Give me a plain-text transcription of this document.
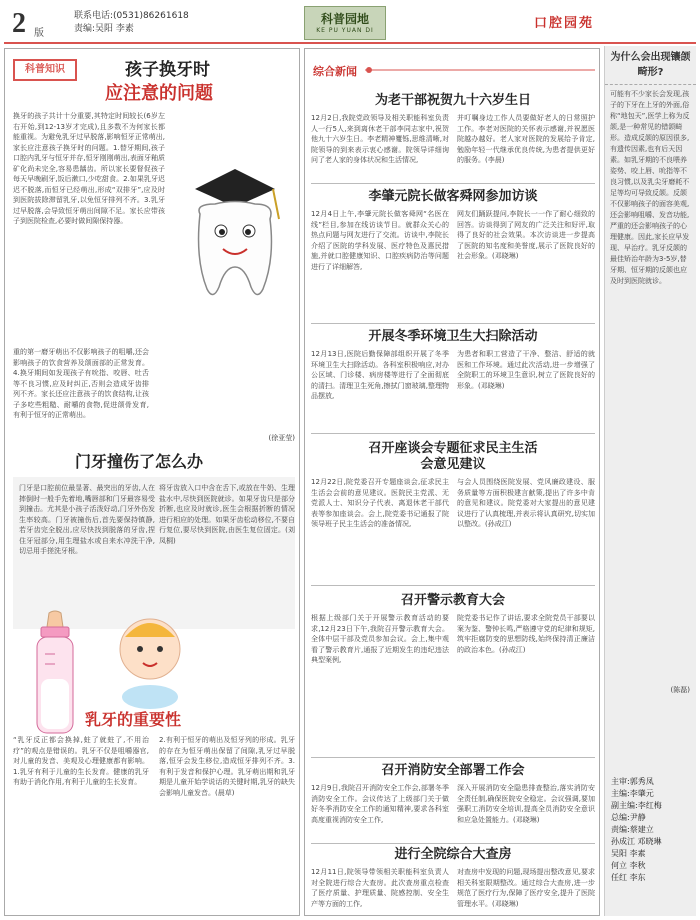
2 版
联系电话:(0531)86261618
责编:吴阳 李素
科普园地
KE PU YUAN DI
口腔园苑
科普知识	孩子换牙时
应注意的问题
换牙的孩子共计十分重要,其特定时间较长(6岁左右开始,到12-13岁才完成),且多数不为何家长都能重视。为避免乳牙过早脱落,影响恒牙正常萌出,家长应注意孩子换牙时的问题。1.替牙期间,孩子口腔内乳牙与恒牙并存,恒牙刚刚萌出,表面牙釉质矿化尚未完全,容易患龋齿。所以家长要督促孩子每天早晚刷牙,饭后漱口,少吃甜食。2.如果乳牙迟迟不脱落,而恒牙已经萌出,形成“双排牙”,应及时到医院拔除滞留乳牙,以免恒牙排列不齐。3.乳牙过早脱落,会导致恒牙萌出间隙不足。家长应带孩子到医院检查,必要时做间隙保持器。
重的第一磨牙萌出不仅影响孩子的咀嚼,还会影响孩子的饮食营养及颌面部的正常发育。4.换牙期间如发现孩子有吮指、咬唇、吐舌等不良习惯,应及时纠正,否则会造成牙齿排列不齐。家长还应注意孩子的饮食结构,让孩子多吃些粗糙、耐嚼的食物,促进颌骨发育,有利于恒牙的正常萌出。
(徐亚莹)
门牙撞伤了怎么办
门牙是口腔前位最显著、最突出的牙齿,人在摔倒时一般手先着地,嘴唇部和门牙最容易受到撞击。尤其是小孩子活泼好动,门牙外伤发生率较高。门牙被撞伤后,首先要保持镇静,若牙齿完全脱出,应尽快找到脱落的牙齿,捏住牙冠部分,用生理盐水或自来水冲洗干净,切忌用手搓洗牙根。
将牙齿放入口中含在舌下,或放在牛奶、生理盐水中,尽快到医院就诊。如果牙齿只是部分折断,也应及时就诊,医生会根据折断的情况进行相应的处理。如果牙齿松动移位,不要自行复位,要尽快到医院,由医生复位固定。(刘凤桐)
乳牙的重要性
“乳牙反正都会换掉,蛀了就蛀了,不用治疗”的观点是错误的。乳牙不仅是咀嚼器官,对儿童的发音、美观及心理健康都有影响。1.乳牙有利于儿童的生长发育。健康的乳牙有助于消化作用,有利于儿童的生长发育。
2.有利于恒牙的萌出及恒牙列的形成。乳牙的存在为恒牙萌出保留了间隙,乳牙过早脱落,恒牙会发生移位,造成恒牙排列不齐。3.有利于发音和保护心理。乳牙萌出期和乳牙期是儿童开始学说话的关键时期,乳牙的缺失会影响儿童发音。(晨草)
综合新闻
为老干部祝贺九十六岁生日
12月2日,我院党政领导及相关职能科室负责人一行5人,来到离休老干部李同志家中,祝贺他九十六岁生日。李老精神矍铄,思维清晰,对院领导的到来表示衷心感谢。院领导详细询问了老人家的身体状况和生活情况,
并叮嘱身边工作人员要做好老人的日常照护工作。李老对医院的关怀表示感谢,并祝愿医院越办越好。老人家对医院的发展给予肯定,勉励年轻一代继承优良传统,为患者提供更好的服务。(李晨)
李肇元院长做客舜网参加访谈
12月4日上午,李肇元院长做客舜网“名医在线”栏目,参加在线访谈节目。就群众关心的热点问题与网友进行了交流。访谈中,李院长介绍了医院的学科发展、医疗特色及惠民措施,并就口腔健康知识、口腔疾病防治等问题进行了详细解答,
网友们踊跃提问,李院长一一作了耐心细致的回答。访谈得到了网友的广泛关注和好评,取得了良好的社会效果。本次访谈进一步提高了医院的知名度和美誉度,展示了医院良好的社会形象。(邓晓琳)
开展冬季环境卫生大扫除活动
12月13日,医院后勤保障部组织开展了冬季环境卫生大扫除活动。各科室积极响应,对办公区域、门诊楼、病房楼等进行了全面彻底的清扫。清理卫生死角,擦拭门窗玻璃,整理物品摆放,
为患者和职工营造了干净、整洁、舒适的就医和工作环境。通过此次活动,进一步增强了全院职工的环境卫生意识,树立了医院良好的形象。(邓晓琳)
召开座谈会专题征求民主生活会意见建议
12月22日,院党委召开专题座谈会,征求民主生活会会前的意见建议。医院民主党派、无党派人士、知识分子代表、离退休老干部代表等参加座谈会。会上,院党委书记通报了院领导班子民主生活会的准备情况,
与会人员围绕医院发展、党风廉政建设、服务质量等方面积极建言献策,提出了许多中肯的意见和建议。院党委对大家提出的意见建议进行了认真梳理,并表示将认真研究,切实加以整改。(孙成江)
召开警示教育大会
根据上级部门关于开展警示教育活动的要求,12月23日下午,我院召开警示教育大会。全体中层干部及党员参加会议。会上,集中观看了警示教育片,通报了近期发生的违纪违法典型案例,
院党委书记作了讲话,要求全院党员干部要以案为鉴、警钟长鸣,严格遵守党的纪律和规矩,筑牢拒腐防变的思想防线,始终保持清正廉洁的政治本色。(孙成江)
召开消防安全部署工作会
12月9日,我院召开消防安全工作会,部署冬季消防安全工作。会议传达了上级部门关于做好冬季消防安全工作的通知精神,要求各科室高度重视消防安全工作,
深入开展消防安全隐患排查整治,落实消防安全责任制,确保医院安全稳定。会议强调,要加强职工消防安全培训,提高全员消防安全意识和应急处置能力。(邓晓琳)
进行全院综合大查房
12月11日,院领导带领相关职能科室负责人对全院进行综合大查房。此次查房重点检查了医疗质量、护理质量、院感控制、安全生产等方面的工作,
对查房中发现的问题,现场提出整改意见,要求相关科室限期整改。通过综合大查房,进一步规范了医疗行为,保障了医疗安全,提升了医院管理水平。(邓晓琳)
为什么会出现镶颌畸形?
可能有不少家长会发现,孩子的下牙在上牙的外面,俗称“地包天”,医学上称为反颌,是一种常见的错颌畸形。造成反颌的原因很多,有遗传因素,也有后天因素。如乳牙期的不良喂养姿势、咬上唇、吮指等不良习惯,以及乳尖牙磨耗不足等均可导致反颌。反颌不仅影响孩子的面容美观,还会影响咀嚼、发音功能,严重的还会影响孩子的心理健康。因此,家长应早发现、早治疗。乳牙反颌的最佳矫治年龄为3-5岁,替牙期、恒牙期的反颌也应及时到医院就诊。
(陈磊)
主审:郭秀凤
主编:李肇元
副主编:李红梅
总编:尹静
责编:蔡建立
孙成江 邓晓琳
吴阳 李素
何立 李秋
任红 李东
